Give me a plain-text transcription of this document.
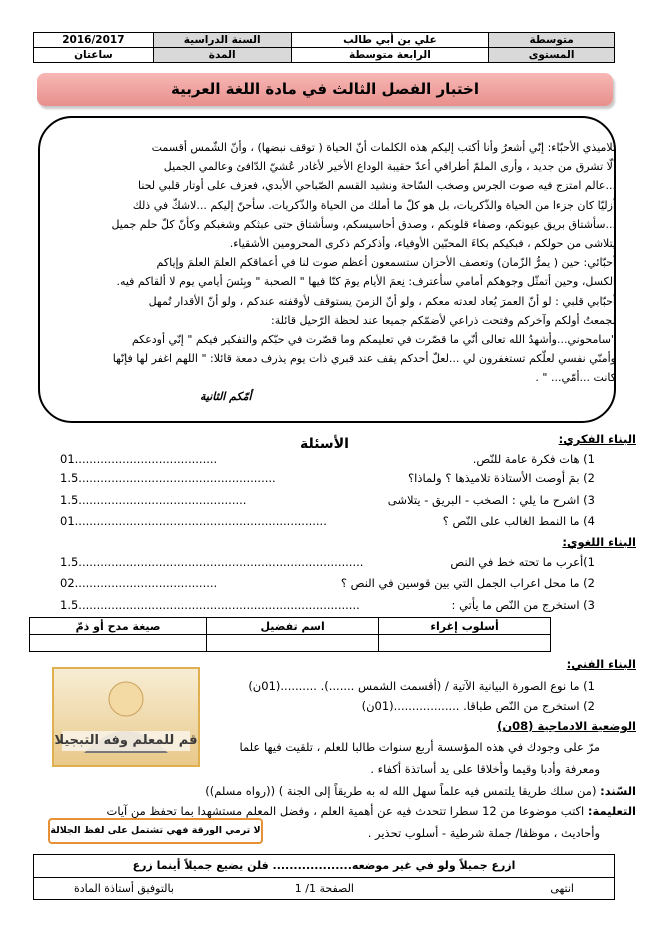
متوسطة	علي بن أبي طالب	السنة الدراسية	2016/2017
المستوى	الرابعة متوسطة	المدة	ساعتان
اختبار الفصل الثالث في مادة اللغة العربية
تلاميذي الأحبّاء: إنّي أشعرُ وأنا أكتب إليكم هذه الكلمات أنّ الحياة ( توقف نبضها) ، وأنّ الشّمس أقسمت
ألّا تشرق من جديد ، وأرى الملمّ أطرافي أعدّ حقيبة الوداع الأخير لأغادر عُشيّ الدّافئ وعالمي الجميل
...عالم امتزج فيه صوت الجرس وصخب السّاحة ونشيد القسم الصّباحي الأبدي، فعزف على أوتار قلبي لحنا
أزليّا كان جزءا من الحياة والذّكريات، بل هو كلّ ما أملك من الحياة والذّكريات. سأحنّ إليكم ...لاشكّ في ذلك
...سأشتاق بريق عيونكم، وصفاء قلوبكم ، وصدق أحاسيسكم، وسأشتاق حتى عبثكم وشغبكم وكأنّ كلّ حلم جميل
يتلاشى من حولكم ، فبكيكم بكاءَ المحبّين الأوفياء، وأذكركم ذكرى المحرومين الأشقياء.
أحبّائي: حين ( يمرُّ الزّمان) وتعصف الأحزان ستسمعون أعظم صوت لنا في أعماقكم العلمَ العلمَ وإياكم
الكسل، وحين أتمثّل وجوهكم أمامي سأعترف: نِعمَ الأيام يومَ كنّا فيها " الصحبة " وبِئسَ أيامي يوم لا ألقاكم فيه.
أحبّابي قلبي : لو أنّ العمرَ يُعاد لعدته معكم ، ولو أنّ الزمنَ يستوقف لأوقفته عندكم ، ولو أنّ الأقدار تُمهل
لجمعتُ أولكم وآخركم وفتحت ذراعي لأضمّكم جميعا عند لحظة الرّحيل قائلة:
"سامحوني...وأشهدُ الله تعالى أنّي ما قصّرت في تعليمكم وما قصّرت في حبّكم والتفكير فيكم " إنّي أودعكم
وأمنّي نفسي لعلّكم تستغفرون لي ...لعلّ أحدكم يقف عند قبري ذات يوم يذرف دمعة قائلا: " اللهم اغفر لها فإنّها
كانت ...أمّي... " .
أمّكم الثانية
الأسئلة	البناء الفكري:
1) هات فكرة عامة للنّص.
01.......................................
2) بمَ أوصت الأستاذة تلاميذها ؟ ولماذا؟
1.5......................................................
3) اشرح ما يلي : الصخب - البريق - يتلاشى
1.5..............................................
4) ما النمط الغالب على النّص ؟
01.....................................................................
البناء اللغوي:
1)أعرب ما تحته خط في النص
1.5..............................................................................
2) ما محل اعراب الجمل التي بين قوسين في النص ؟
02.......................................
3) استخرج من النّص ما يأتي :
1.5.............................................................................
أسلوب إغراء	اسم تفضيل	صيغة مدح أو ذمّ

قم للمعلم وفه التبجيلا
البناء الفني:
1) ما نوع الصورة البيانية الآتية / (أقسمت الشمس .......). ..........(01ن)
2) استخرج من النّص طباقا. ..................(01ن)
الوضعية الادماجية (08ن)
مرّ على وجودك في هذه المؤسسة أربع سنوات طالبا للعلم ، تلقيت فيها علما
ومعرفة وأدبا وقيما وأخلاقا على يد أساتذة أكفاء .
السّند: (من سلك طريقا يلتمس فيه علماً سهل الله له به طريقاً إلى الجنة ) ((رواه مسلم))
التعليمة: اكتب موضوعا من 12 سطرا تتحدث فيه عن أهمية العلم ، وفضل المعلم مستشهدا بما تحفظ من آيات
وأحاديث ، موظفا/ جملة شرطية - أسلوب تحذير .
لا ترمي الورقة فهي تشتمل على لفظ الجلالة
ازرع جميلاً ولو في غير موضعه................... فلن يضيع جميلاً أينما زرع
انتهى
الصفحة 1/ 1
بالتوفيق أستاذة المادة
